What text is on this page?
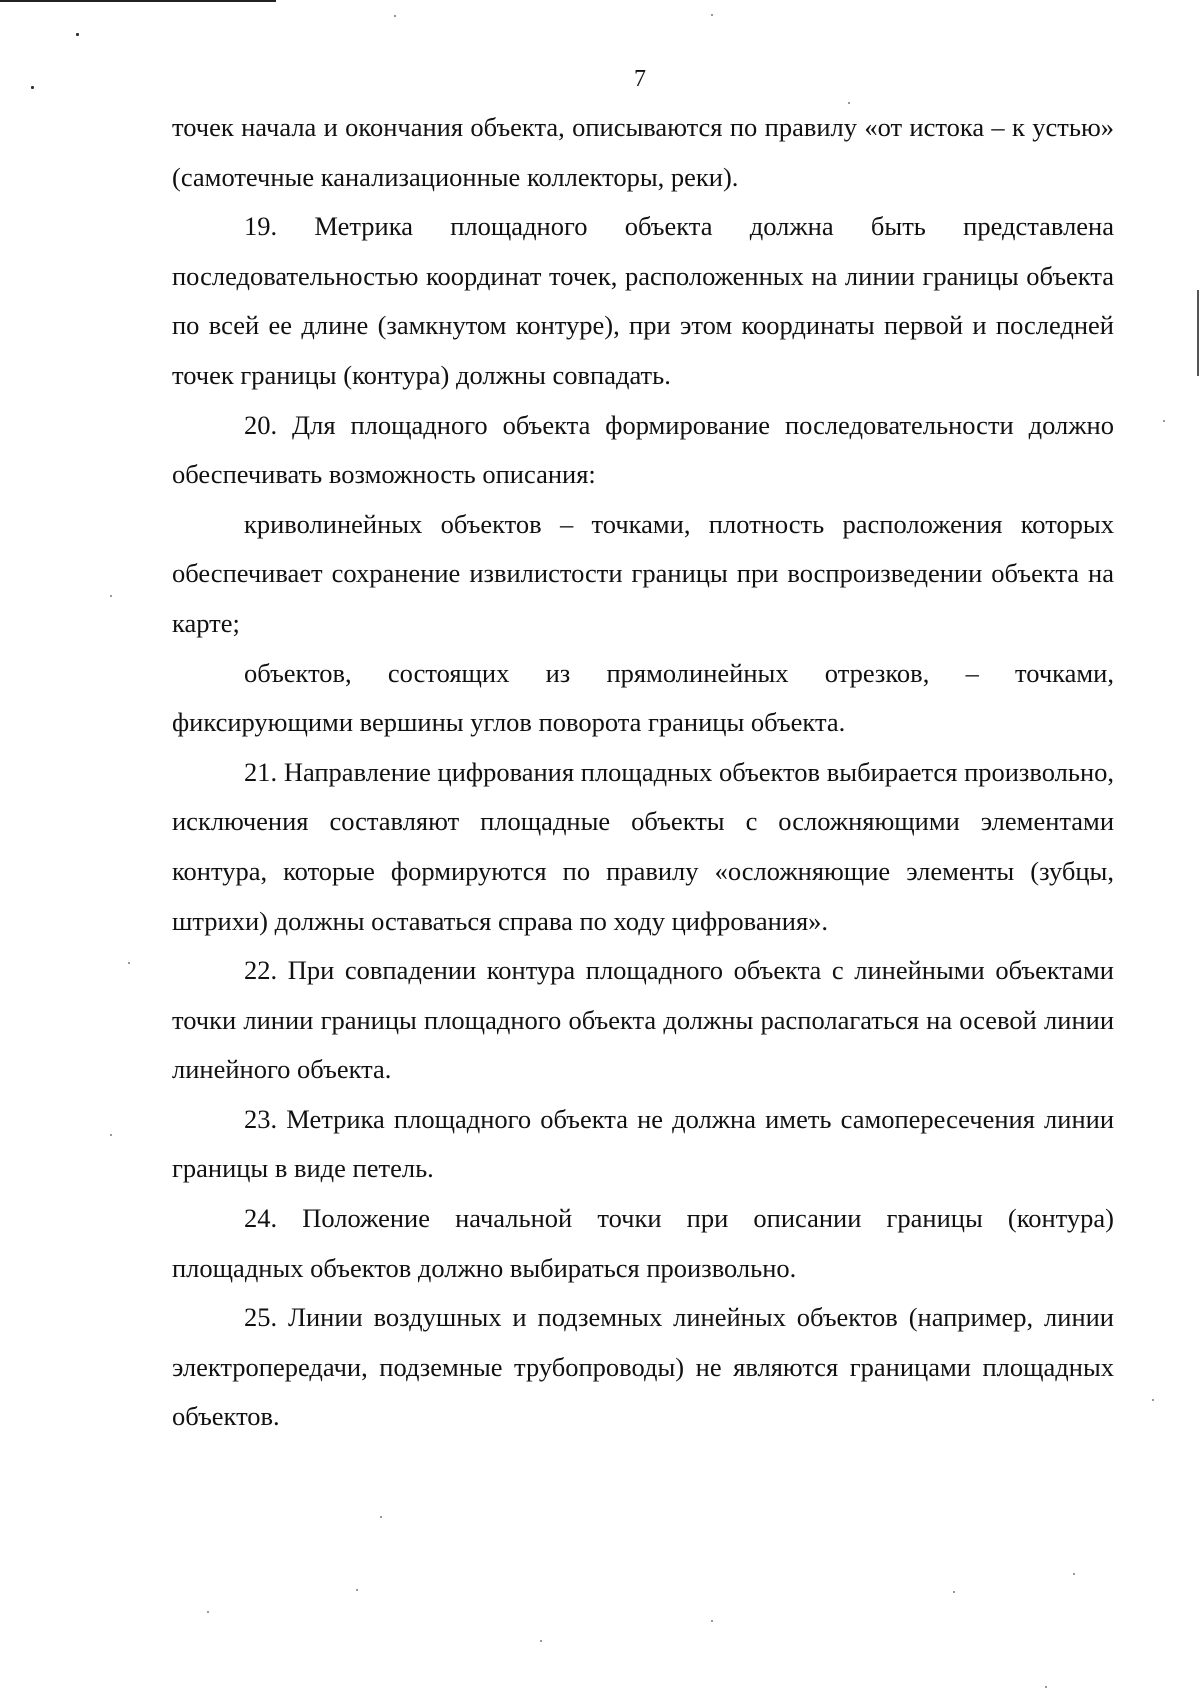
7

точек начала и окончания объекта, описываются по правилу «от истока – к устью» (самотечные канализационные коллекторы, реки).

19. Метрика площадного объекта должна быть представлена последовательностью координат точек, расположенных на линии границы объекта по всей ее длине (замкнутом контуре), при этом координаты первой и последней точек границы (контура) должны совпадать.

20. Для площадного объекта формирование последовательности должно обеспечивать возможность описания:

криволинейных объектов – точками, плотность расположения которых обеспечивает сохранение извилистости границы при воспроизведении объекта на карте;

объектов, состоящих из прямолинейных отрезков, – точками, фиксирующими вершины углов поворота границы объекта.

21. Направление цифрования площадных объектов выбирается произвольно, исключения составляют площадные объекты с осложняющими элементами контура, которые формируются по правилу «осложняющие элементы (зубцы, штрихи) должны оставаться справа по ходу цифрования».

22. При совпадении контура площадного объекта с линейными объектами точки линии границы площадного объекта должны располагаться на осевой линии линейного объекта.

23. Метрика площадного объекта не должна иметь самопересечения линии границы в виде петель.

24. Положение начальной точки при описании границы (контура) площадных объектов должно выбираться произвольно.

25. Линии воздушных и подземных линейных объектов (например, линии электропередачи, подземные трубопроводы) не являются границами площадных объектов.
